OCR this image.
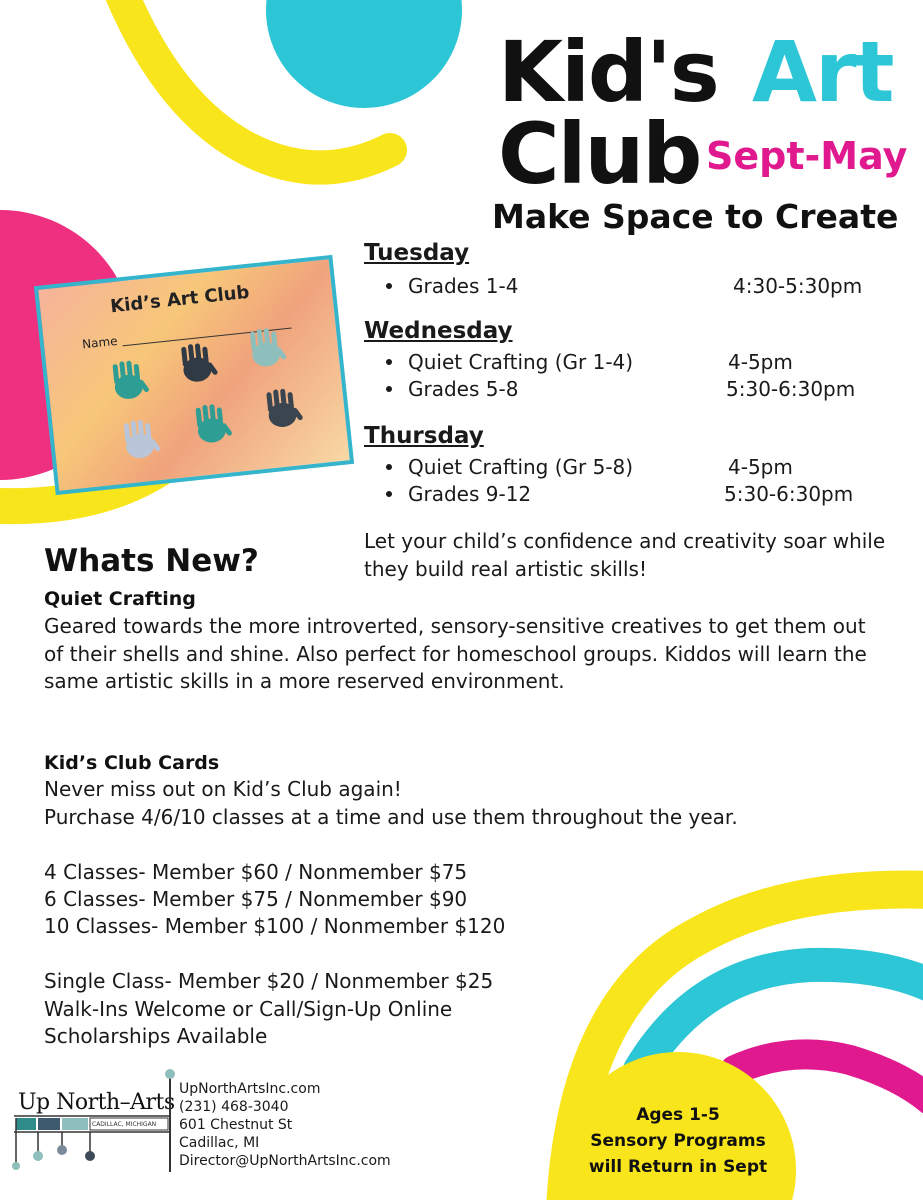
Kid's Art
Club Sept-May
Make Space to Create
Kid’s Art Club
Name
Tuesday
Grades 1-4	4:30-5:30pm
Wednesday
Quiet Crafting (Gr 1-4)	4-5pm
Grades 5-8	5:30-6:30pm
Thursday
Quiet Crafting (Gr 5-8)	4-5pm
Grades 9-12	5:30-6:30pm
Let your child’s confidence and creativity soar while they build real artistic skills!
Whats New?
Quiet Crafting
Geared towards the more introverted, sensory-sensitive creatives to get them out of their shells and shine. Also perfect for homeschool groups. Kiddos will learn the same artistic skills in a more reserved environment.
Kid’s Club Cards
Never miss out on Kid’s Club again!
Purchase 4/6/10 classes at a time and use them throughout the year.
4 Classes- Member $60 / Nonmember $75
6 Classes- Member $75 / Nonmember $90
10 Classes- Member $100 / Nonmember $120
Single Class- Member $20 / Nonmember $25
Walk-Ins Welcome or Call/Sign-Up Online
Scholarships Available
Up North–Arts
CADILLAC, MICHIGAN
UpNorthArtsInc.com
(231) 468-3040
601 Chestnut St
Cadillac, MI
Director@UpNorthArtsInc.com
Ages 1-5
Sensory Programs
will Return in Sept
